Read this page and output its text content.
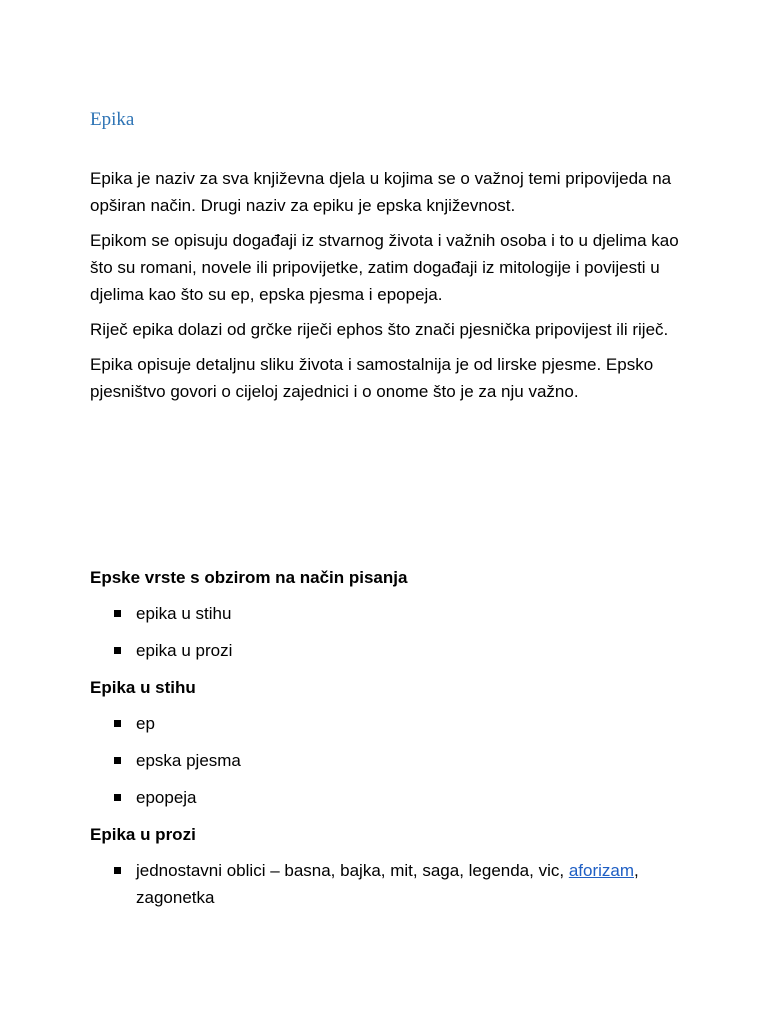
Epika

Epika je naziv za sva književna djela u kojima se o važnoj temi pripovijeda na opširan način. Drugi naziv za epiku je epska književnost.

Epikom se opisuju događaji iz stvarnog života i važnih osoba i to u djelima kao što su romani, novele ili pripovijetke, zatim događaji iz mitologije i povijesti u djelima kao što su ep, epska pjesma i epopeja.

Riječ epika dolazi od grčke riječi ephos što znači pjesnička pripovijest ili riječ.

Epika opisuje detaljnu sliku života i samostalnija je od lirske pjesme. Epsko pjesništvo govori o cijeloj zajednici i o onome što je za nju važno.

Epske vrste s obzirom na način pisanja
epika u stihu
epika u prozi
Epika u stihu
ep
epska pjesma
epopeja
Epika u prozi
jednostavni oblici – basna, bajka, mit, saga, legenda, vic, aforizam, zagonetka
